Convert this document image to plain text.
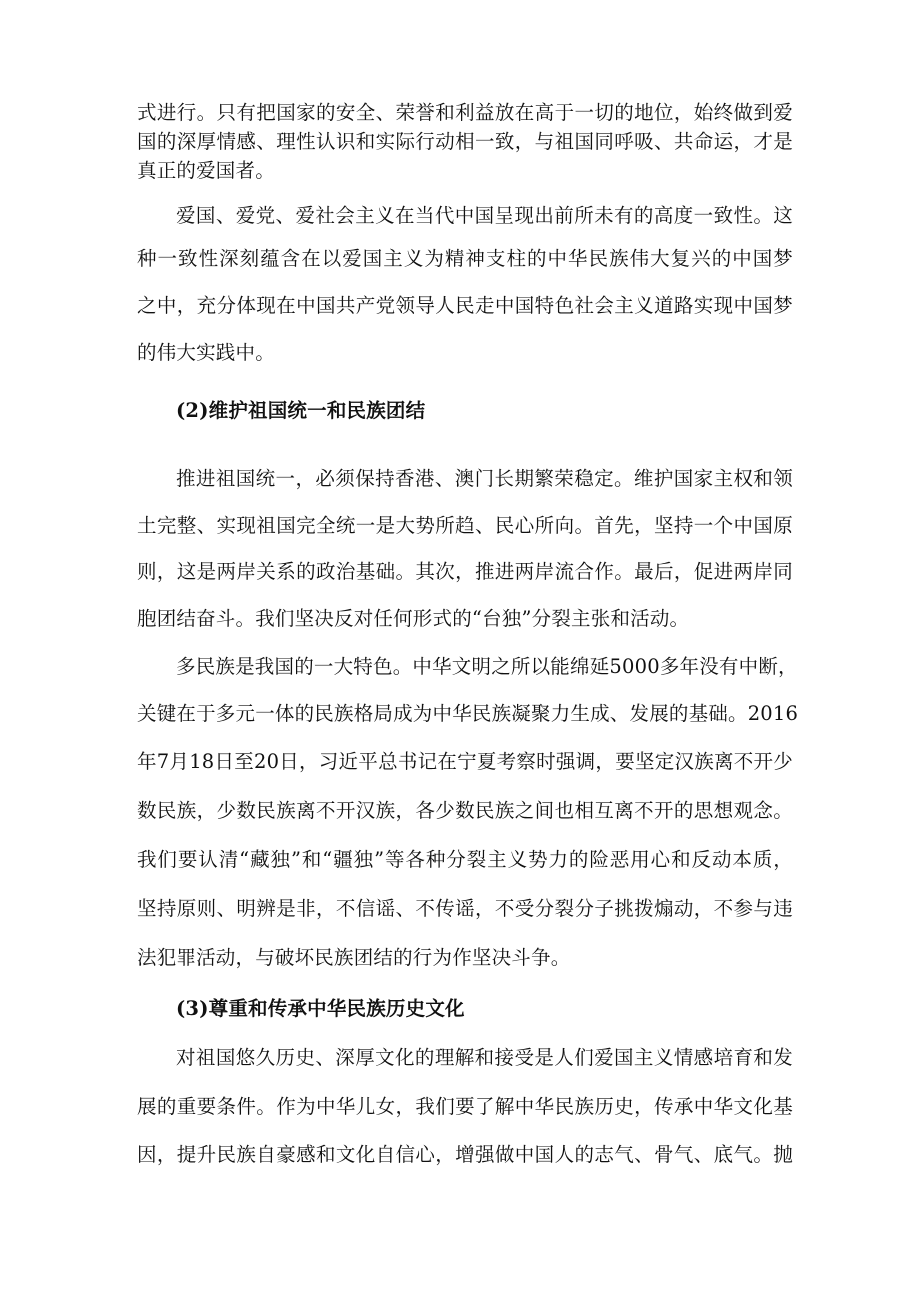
式进行。只有把国家的安全、荣誉和利益放在高于一切的地位，始终做到爱
国的深厚情感、理性认识和实际行动相一致，与祖国同呼吸、共命运，才是
真正的爱国者。
爱国、爱党、爱社会主义在当代中国呈现出前所未有的高度一致性。这
种一致性深刻蕴含在以爱国主义为精神支柱的中华民族伟大复兴的中国梦
之中，充分体现在中国共产党领导人民走中国特色社会主义道路实现中国梦
的伟大实践中。
(2)维护祖国统一和民族团结
推进祖国统一，必须保持香港、澳门长期繁荣稳定。维护国家主权和领
土完整、实现祖国完全统一是大势所趋、民心所向。首先，坚持一个中国原
则，这是两岸关系的政治基础。其次，推进两岸流合作。最后，促进两岸同
胞团结奋斗。我们坚决反对任何形式的“台独”分裂主张和活动。
多民族是我国的一大特色。中华文明之所以能绵延5000多年没有中断，
关键在于多元一体的民族格局成为中华民族凝聚力生成、发展的基础。2016
年7月18日至20日，习近平总书记在宁夏考察时强调，要坚定汉族离不开少
数民族，少数民族离不开汉族，各少数民族之间也相互离不开的思想观念。
我们要认清“藏独”和“疆独”等各种分裂主义势力的险恶用心和反动本质，
坚持原则、明辨是非，不信谣、不传谣，不受分裂分子挑拨煽动，不参与违
法犯罪活动，与破坏民族团结的行为作坚决斗争。
(3)尊重和传承中华民族历史文化
对祖国悠久历史、深厚文化的理解和接受是人们爱国主义情感培育和发
展的重要条件。作为中华儿女，我们要了解中华民族历史，传承中华文化基
因，提升民族自豪感和文化自信心，增强做中国人的志气、骨气、底气。抛
